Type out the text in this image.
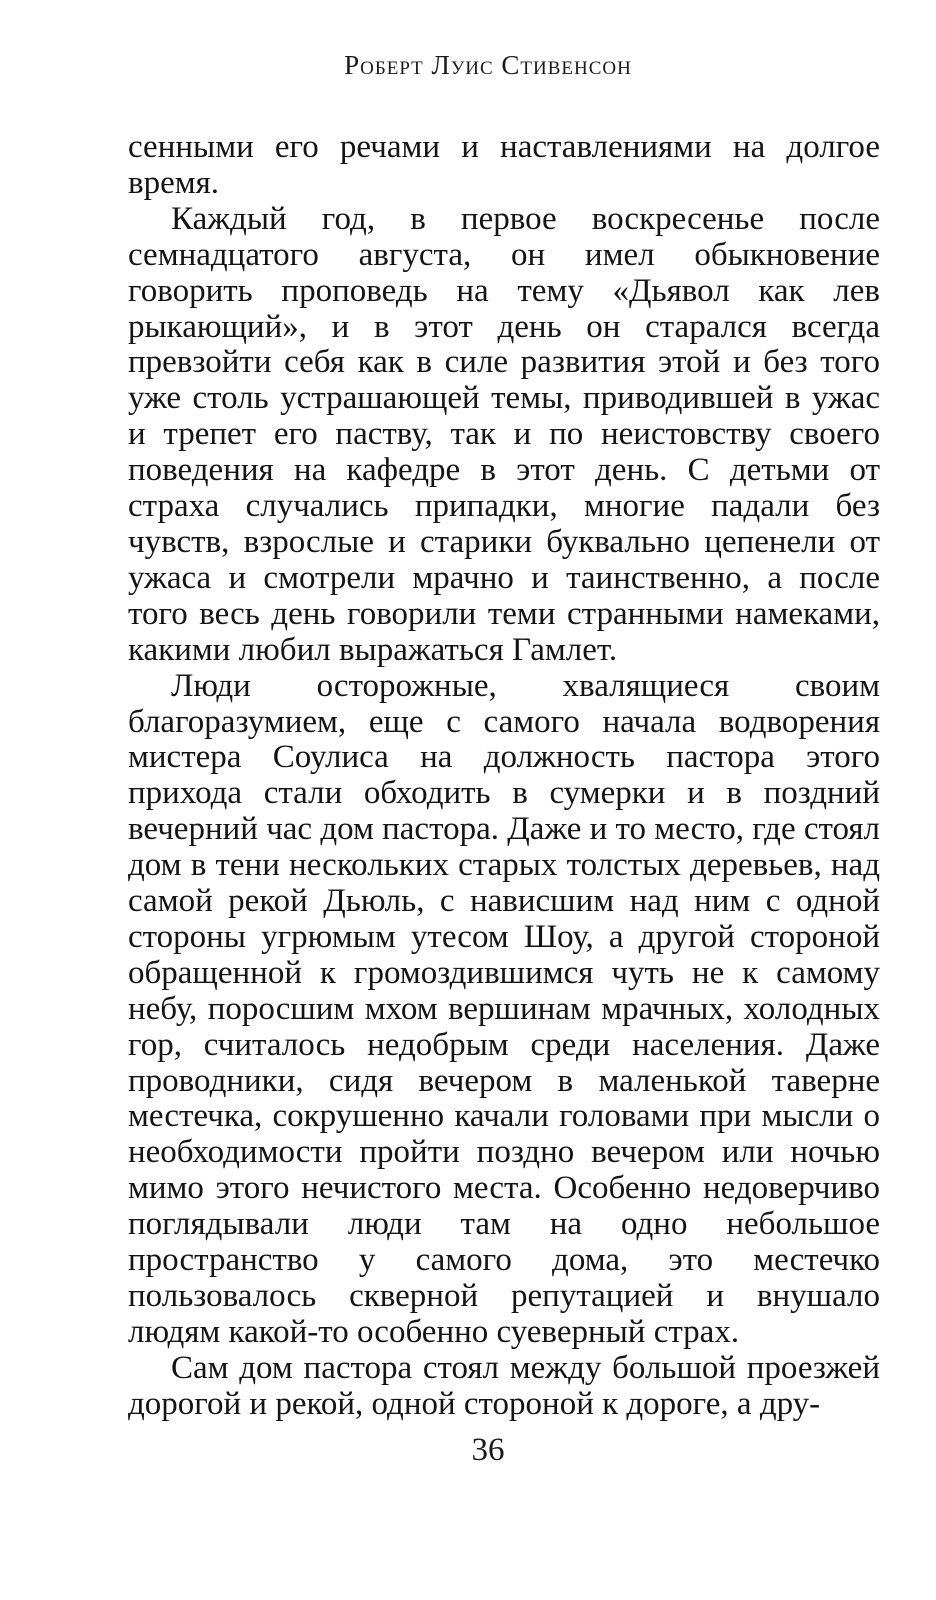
Роберт Луис Стивенсон

сенными его речами и наставлениями на долгое время.

Каждый год, в первое воскресенье после семнадцатого августа, он имел обыкновение говорить проповедь на тему «Дьявол как лев рыкающий», и в этот день он старался всегда превзойти себя как в силе развития этой и без того уже столь устрашающей темы, приводившей в ужас и трепет его паству, так и по неистовству своего поведения на кафедре в этот день. С детьми от страха случались припадки, многие падали без чувств, взрослые и старики буквально цепенели от ужаса и смотрели мрачно и таинственно, а после того весь день говорили теми странными намеками, какими любил выражаться Гамлет.

Люди осторожные, хвалящиеся своим благоразумием, еще с самого начала водворения мистера Соулиса на должность пастора этого прихода стали обходить в сумерки и в поздний вечерний час дом пастора. Даже и то место, где стоял дом в тени нескольких старых толстых деревьев, над самой рекой Дьюль, с нависшим над ним с одной стороны угрюмым утесом Шоу, а другой стороной обращенной к громоздившимся чуть не к самому небу, поросшим мхом вершинам мрачных, холодных гор, считалось недобрым среди населения. Даже проводники, сидя вечером в маленькой таверне местечка, сокрушенно качали головами при мысли о необходимости пройти поздно вечером или ночью мимо этого нечистого места. Особенно недоверчиво поглядывали люди там на одно небольшое пространство у самого дома, это местечко пользовалось скверной репутацией и внушало людям какой-то особенно суеверный страх.

Сам дом пастора стоял между большой проезжей дорогой и рекой, одной стороной к дороге, а дру-

36
